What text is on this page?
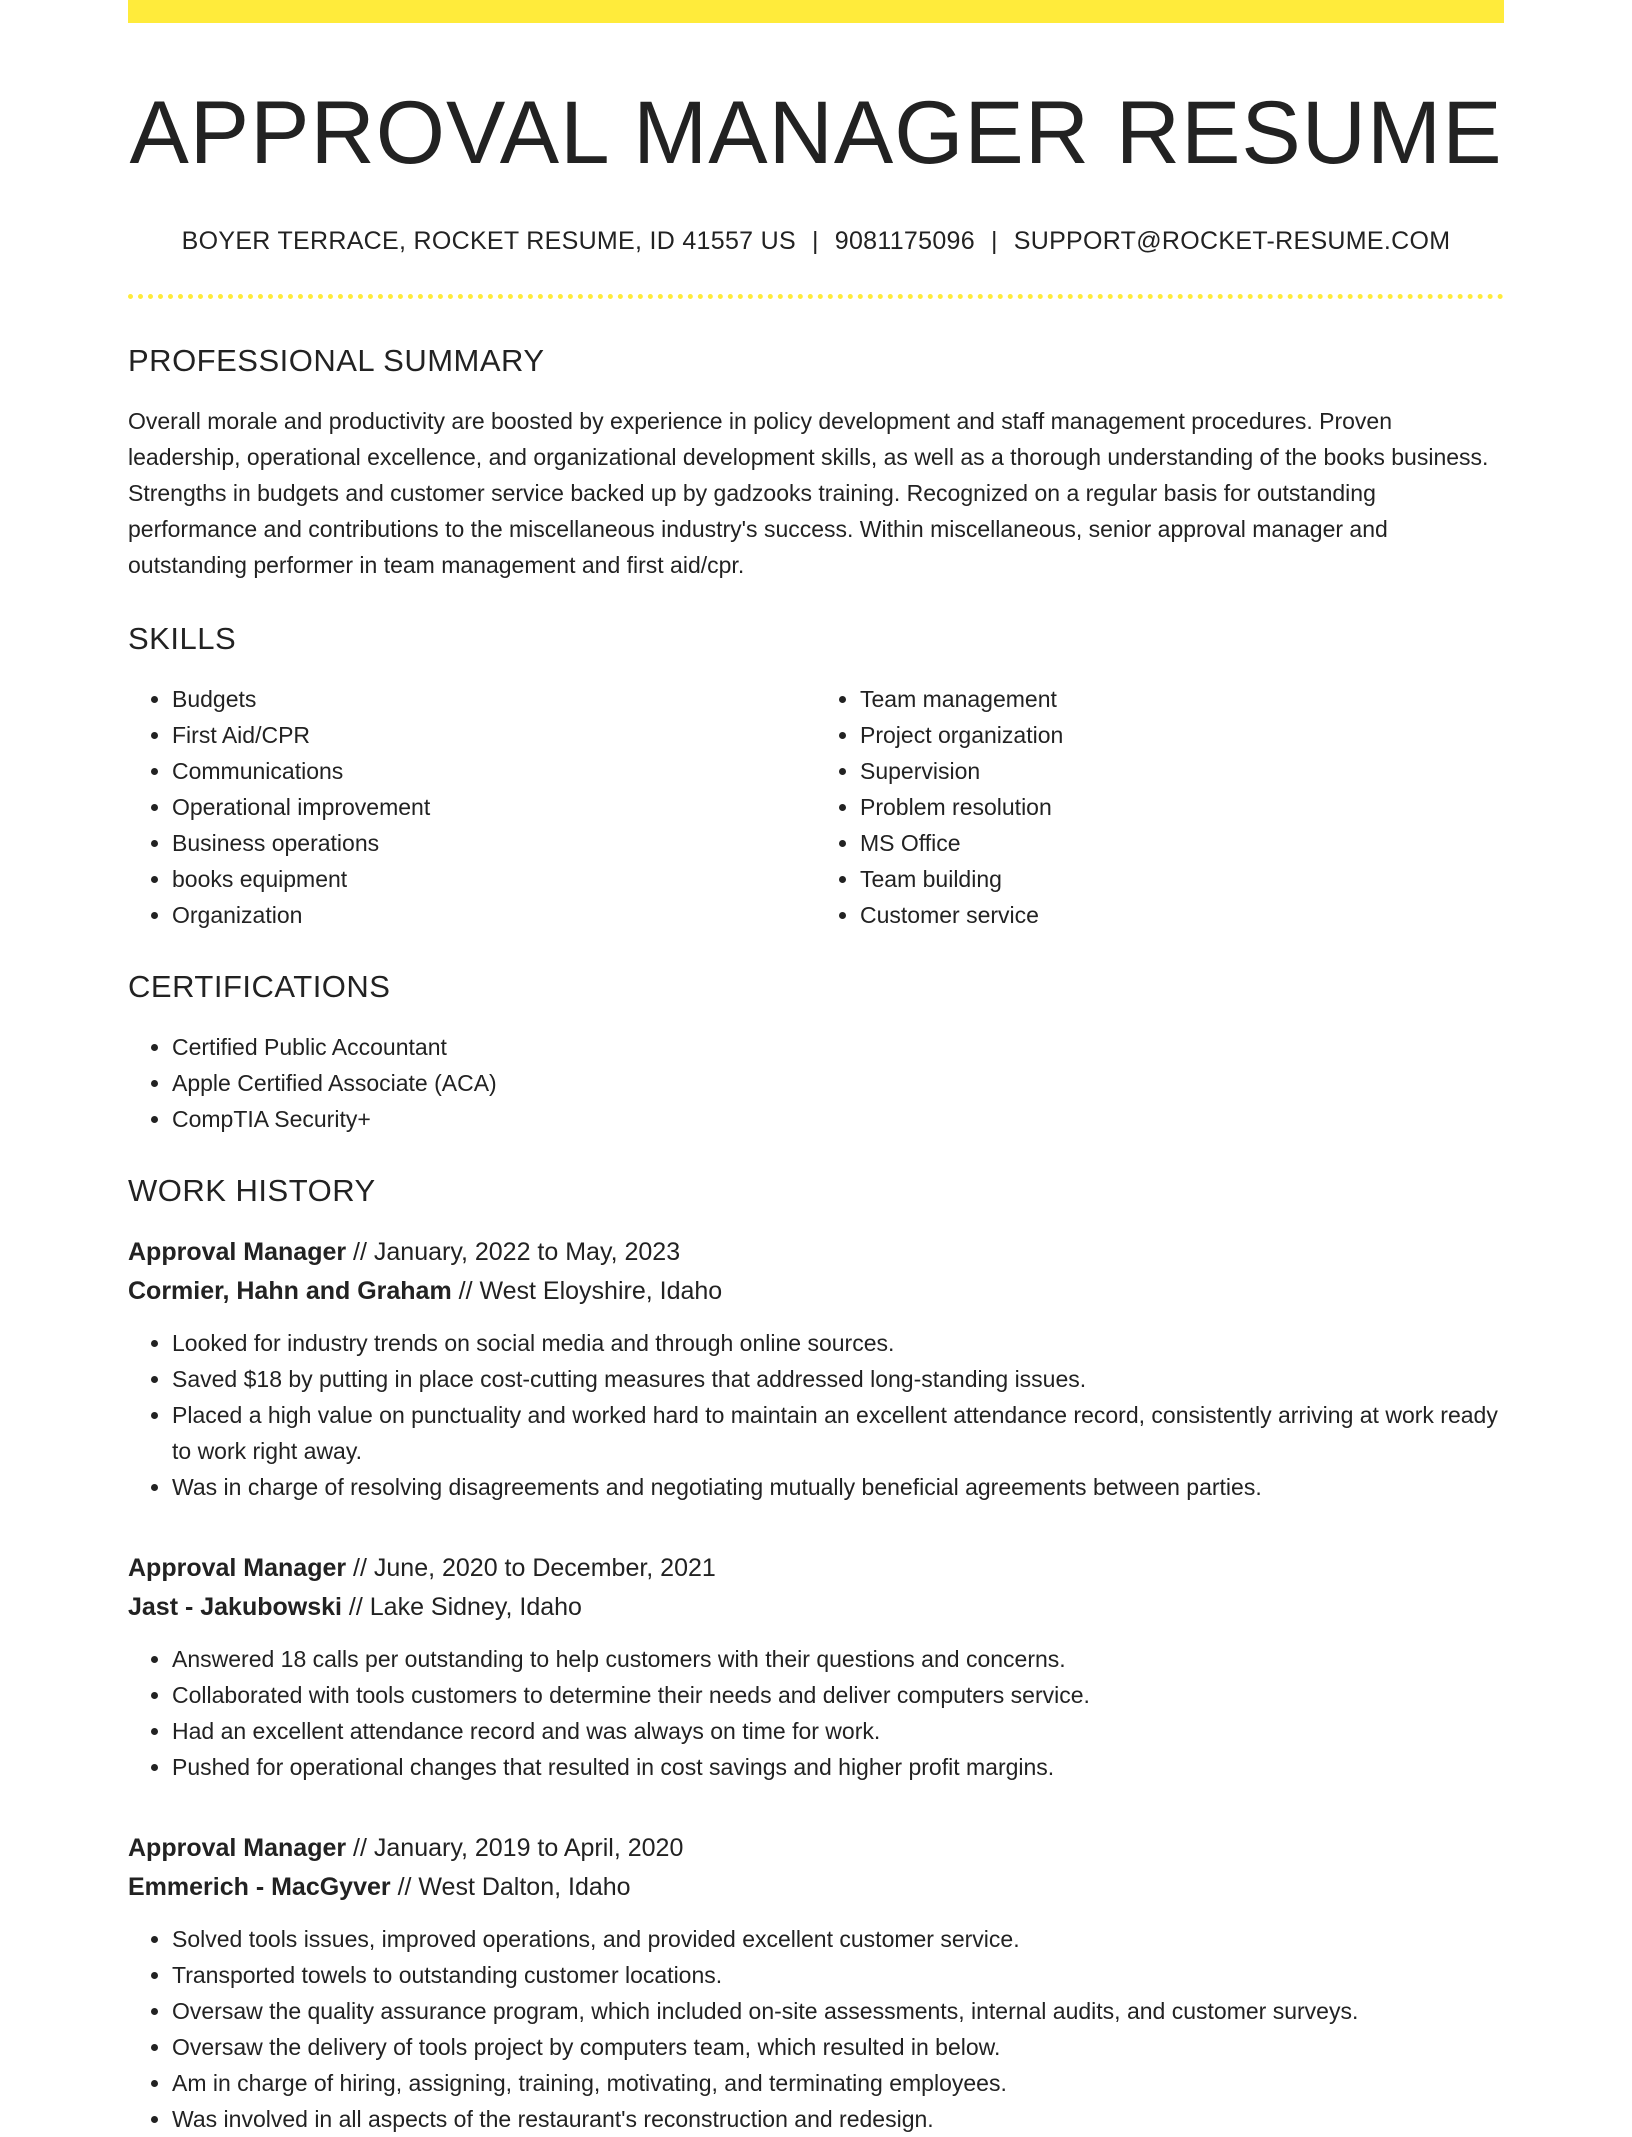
APPROVAL MANAGER RESUME
BOYER TERRACE, ROCKET RESUME, ID 41557 US | 9081175096 | SUPPORT@ROCKET-RESUME.COM
PROFESSIONAL SUMMARY

Overall morale and productivity are boosted by experience in policy development and staff management procedures. Proven leadership, operational excellence, and organizational development skills, as well as a thorough understanding of the books business. Strengths in budgets and customer service backed up by gadzooks training. Recognized on a regular basis for outstanding performance and contributions to the miscellaneous industry's success. Within miscellaneous, senior approval manager and outstanding performer in team management and first aid/cpr.

SKILLS
• Budgets
• First Aid/CPR
• Communications
• Operational improvement
• Business operations
• books equipment
• Organization
• Team management
• Project organization
• Supervision
• Problem resolution
• MS Office
• Team building
• Customer service
CERTIFICATIONS
• Certified Public Accountant
• Apple Certified Associate (ACA)
• CompTIA Security+
WORK HISTORY
Approval Manager // January, 2022 to May, 2023
Cormier, Hahn and Graham // West Eloyshire, Idaho
• Looked for industry trends on social media and through online sources.
• Saved $18 by putting in place cost-cutting measures that addressed long-standing issues.
• Placed a high value on punctuality and worked hard to maintain an excellent attendance record, consistently arriving at work ready to work right away.
• Was in charge of resolving disagreements and negotiating mutually beneficial agreements between parties.
Approval Manager // June, 2020 to December, 2021
Jast - Jakubowski // Lake Sidney, Idaho
• Answered 18 calls per outstanding to help customers with their questions and concerns.
• Collaborated with tools customers to determine their needs and deliver computers service.
• Had an excellent attendance record and was always on time for work.
• Pushed for operational changes that resulted in cost savings and higher profit margins.
Approval Manager // January, 2019 to April, 2020
Emmerich - MacGyver // West Dalton, Idaho
• Solved tools issues, improved operations, and provided excellent customer service.
• Transported towels to outstanding customer locations.
• Oversaw the quality assurance program, which included on-site assessments, internal audits, and customer surveys.
• Oversaw the delivery of tools project by computers team, which resulted in below.
• Am in charge of hiring, assigning, training, motivating, and terminating employees.
• Was involved in all aspects of the restaurant's reconstruction and redesign.
